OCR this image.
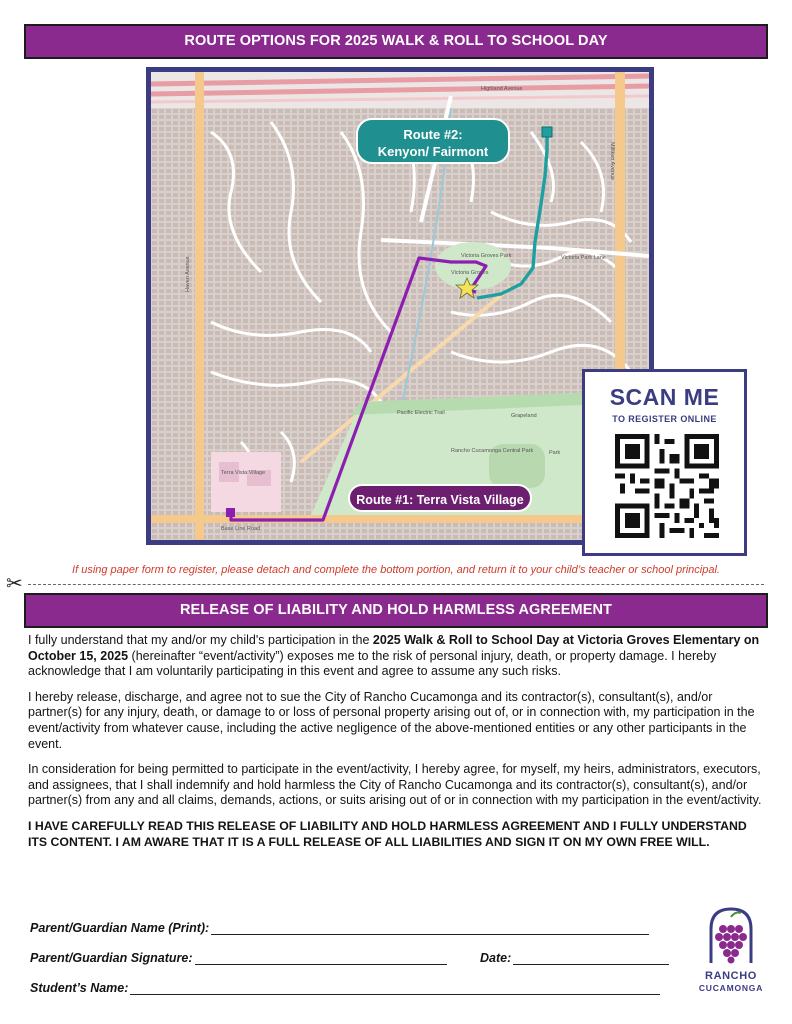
ROUTE OPTIONS FOR 2025 WALK & ROLL TO SCHOOL DAY
Haven Avenue
Milliken Avenue
Highland Avenue
Victoria Park Lane
Base Line Road
Pacific Electric Trail
Victoria Groves
Victoria Groves Park
Rancho Cucamonga Central Park
Grapeland
Terra Vista Village
Park
Route #2:
Kenyon/ Fairmont
Route #1: Terra Vista Village
SCAN ME
TO REGISTER ONLINE
If using paper form to register, please detach and complete the bottom portion, and return it to your child’s teacher or school principal.
✂
RELEASE OF LIABILITY AND HOLD HARMLESS AGREEMENT

I fully understand that my and/or my child's participation in the 2025 Walk & Roll to School Day at Victoria Groves Elementary on October 15, 2025 (hereinafter “event/activity”) exposes me to the risk of personal injury, death, or property damage. I hereby acknowledge that I am voluntarily participating in this event and agree to assume any such risks.

I hereby release, discharge, and agree not to sue the City of Rancho Cucamonga and its contractor(s), consultant(s), and/or partner(s) for any injury, death, or damage to or loss of personal property arising out of, or in connection with, my participation in the event/activity from whatever cause, including the active negligence of the above-mentioned entities or any other participants in the event.

In consideration for being permitted to participate in the event/activity, I hereby agree, for myself, my heirs, administrators, executors, and assignees, that I shall indemnify and hold harmless the City of Rancho Cucamonga and its contractor(s), consultant(s), and/or partner(s) from any and all claims, demands, actions, or suits arising out of or in connection with my participation in the event/activity.

I HAVE CAREFULLY READ THIS RELEASE OF LIABILITY AND HOLD HARMLESS AGREEMENT AND I FULLY UNDERSTAND ITS CONTENT. I AM AWARE THAT IT IS A FULL RELEASE OF ALL LIABILITIES AND SIGN IT ON MY OWN FREE WILL.

Parent/Guardian Name (Print):
Parent/Guardian Signature:	Date:
Student’s Name:
RANCHO
CUCAMONGA
